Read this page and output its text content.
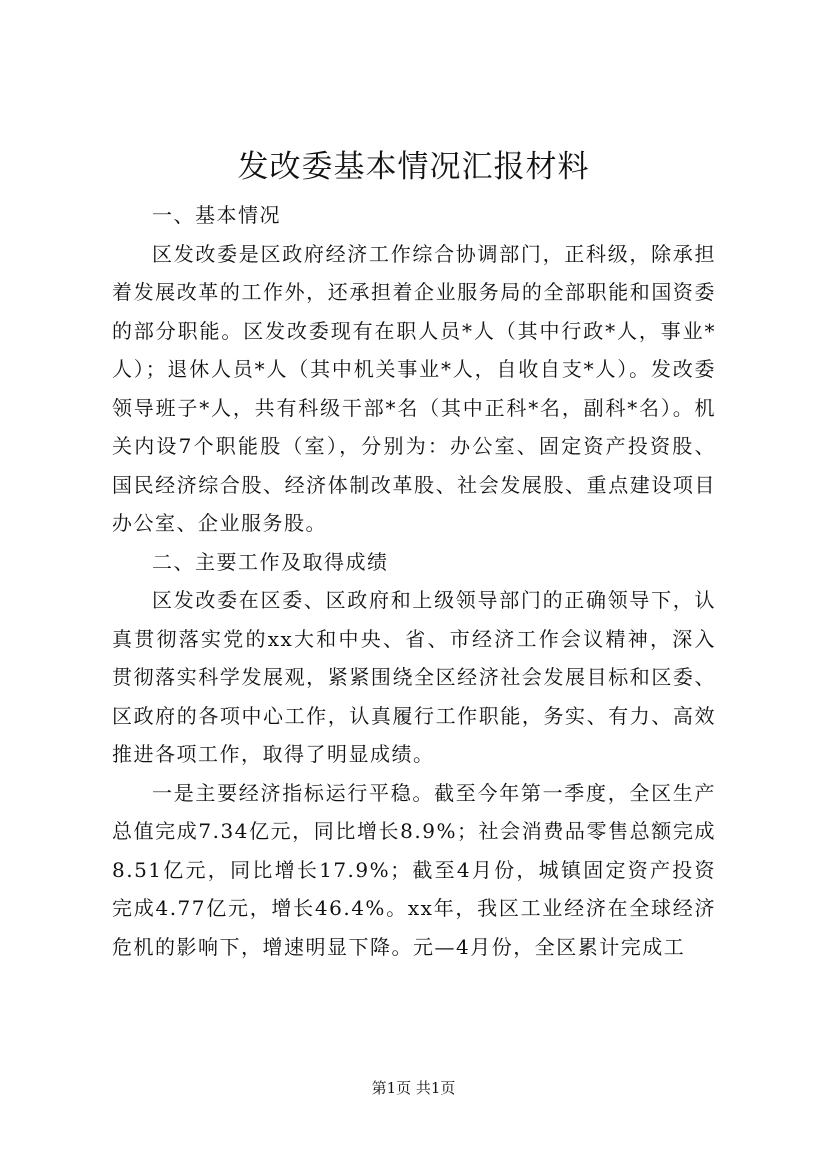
发改委基本情况汇报材料

一、基本情况

区发改委是区政府经济工作综合协调部门，正科级，除承担着发展改革的工作外，还承担着企业服务局的全部职能和国资委的部分职能。区发改委现有在职人员*人（其中行政*人，事业*人）；退休人员*人（其中机关事业*人，自收自支*人）。发改委领导班子*人，共有科级干部*名（其中正科*名，副科*名）。机关内设7个职能股（室），分别为：办公室、固定资产投资股、国民经济综合股、经济体制改革股、社会发展股、重点建设项目办公室、企业服务股。

二、主要工作及取得成绩

区发改委在区委、区政府和上级领导部门的正确领导下，认真贯彻落实党的xx大和中央、省、市经济工作会议精神，深入贯彻落实科学发展观，紧紧围绕全区经济社会发展目标和区委、区政府的各项中心工作，认真履行工作职能，务实、有力、高效推进各项工作，取得了明显成绩。

一是主要经济指标运行平稳。截至今年第一季度，全区生产总值完成7.34亿元，同比增长8.9%；社会消费品零售总额完成8.51亿元，同比增长17.9%；截至4月份，城镇固定资产投资完成4.77亿元，增长46.4%。xx年，我区工业经济在全球经济危机的影响下，增速明显下降。元—4月份，全区累计完成工

第1页 共1页
